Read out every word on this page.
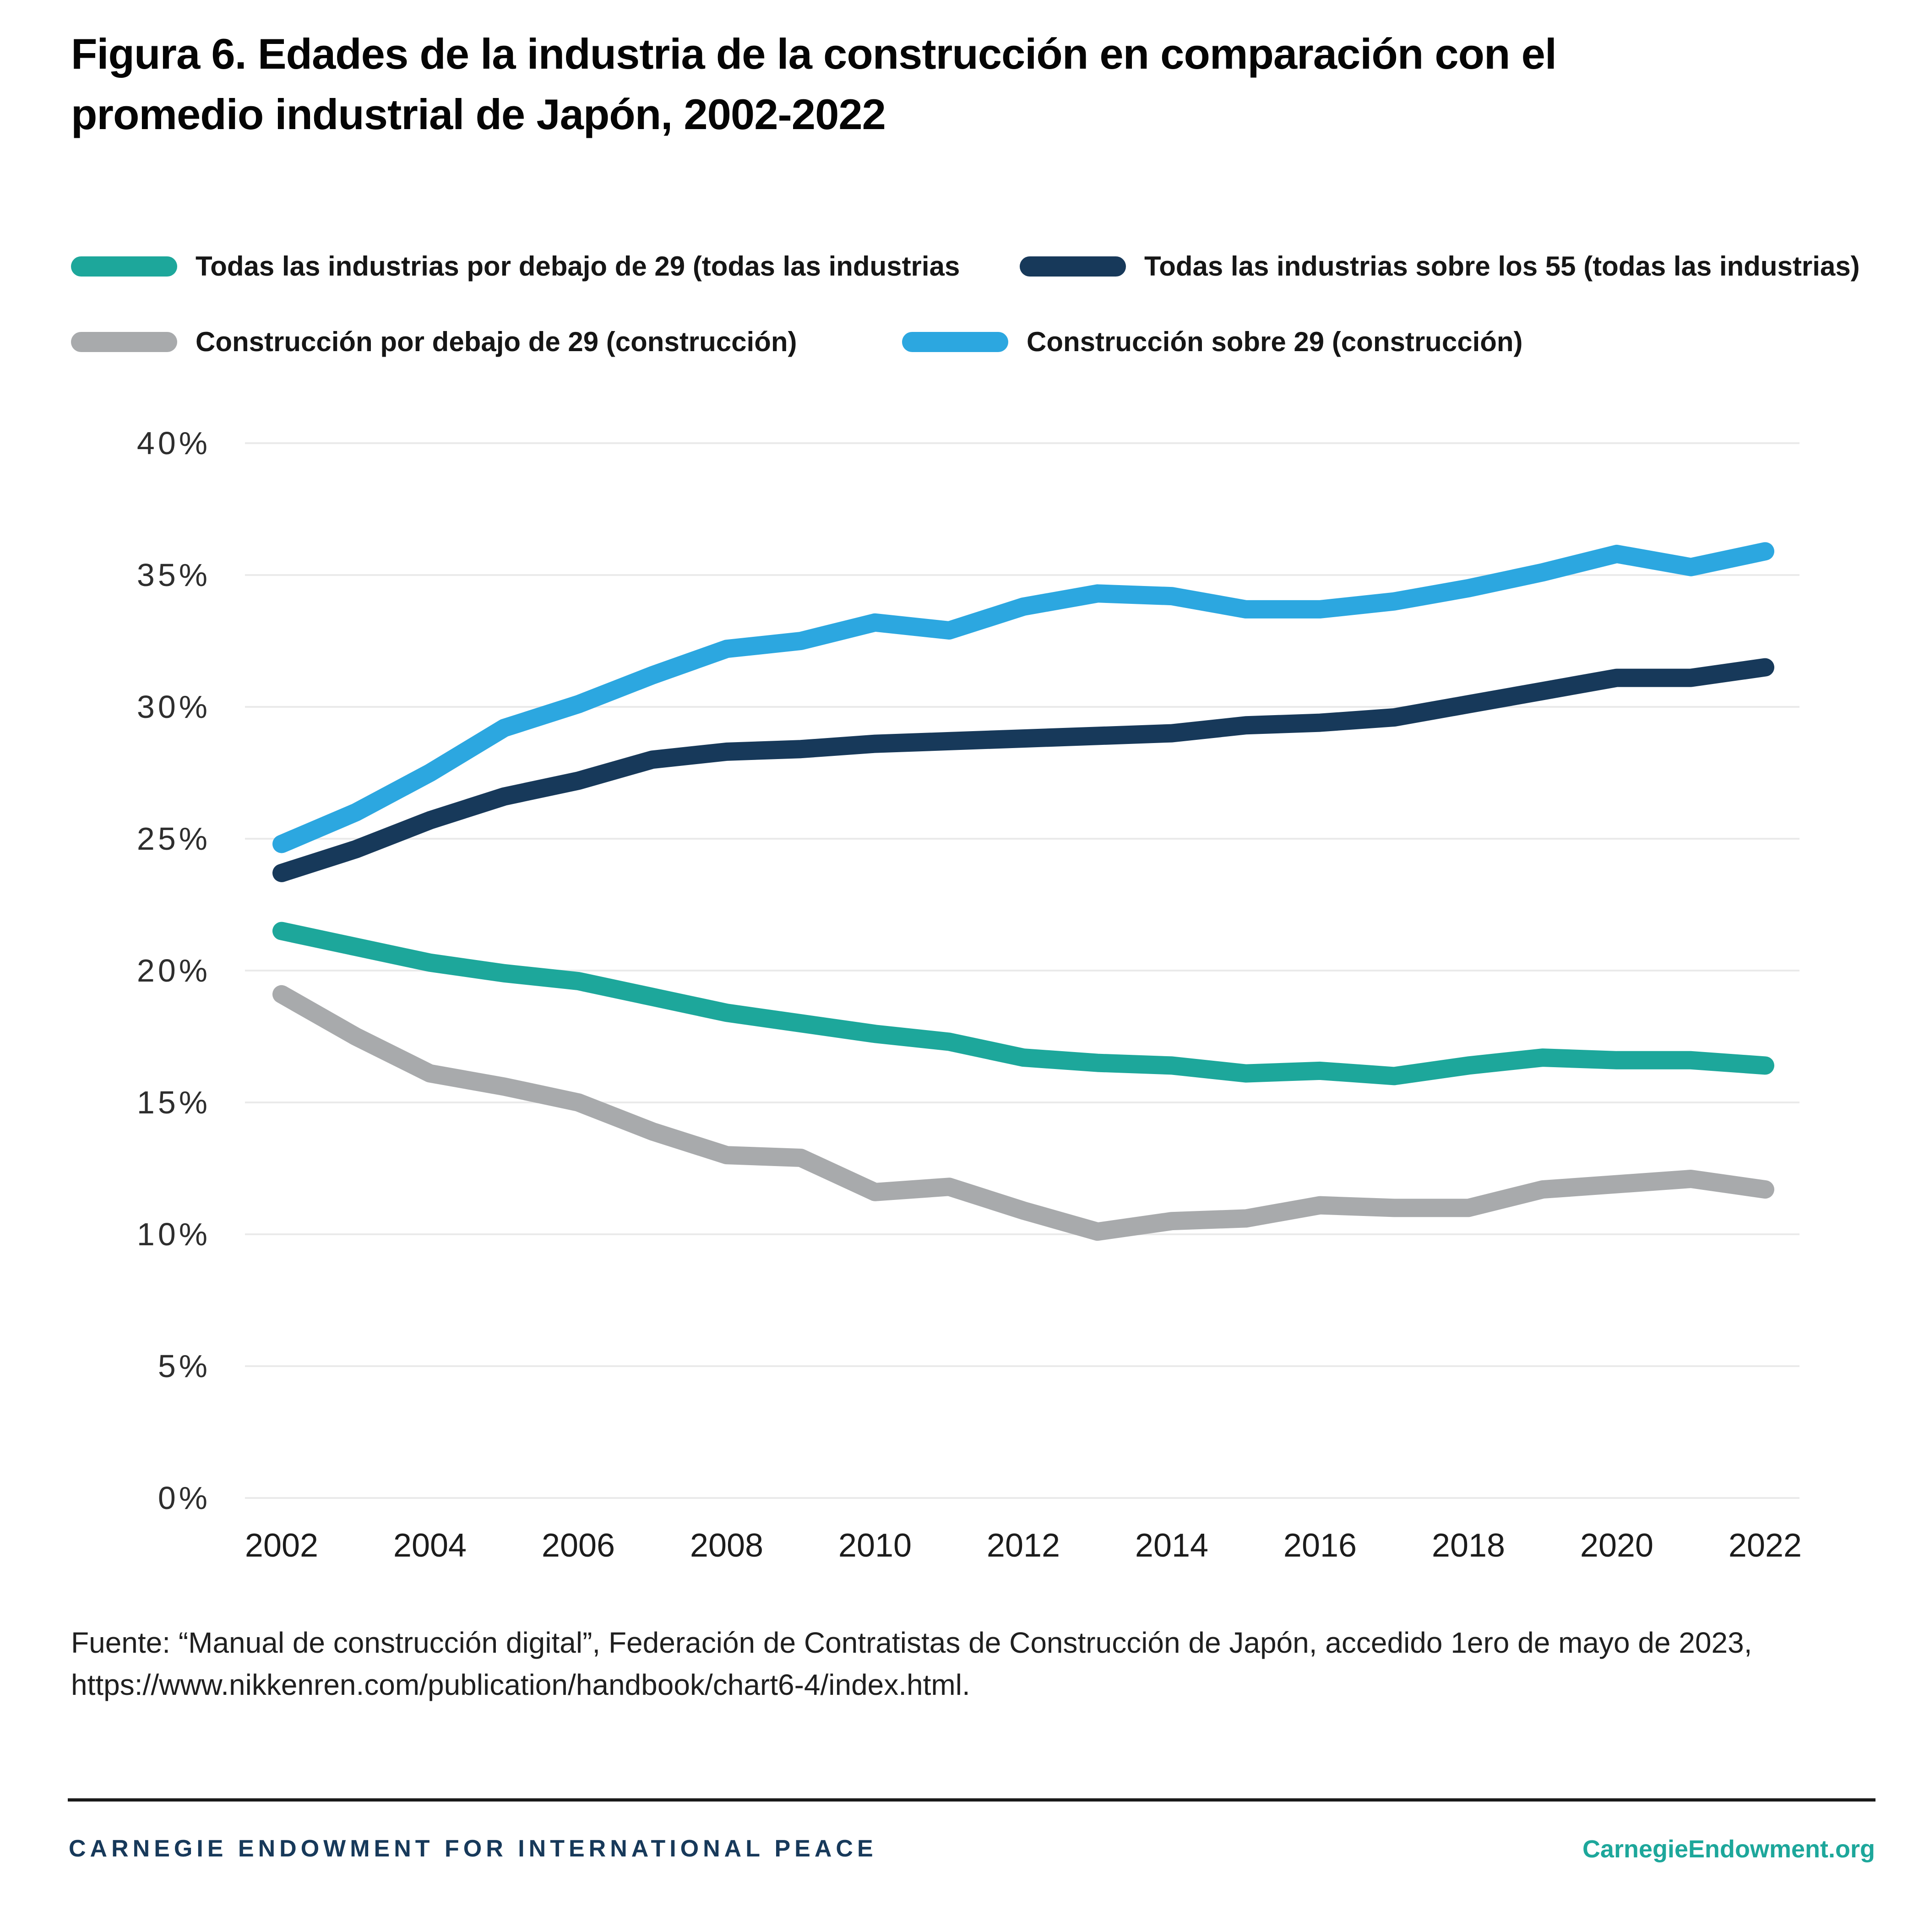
Figura 6. Edades de la industria de la construcción en comparación con el
promedio industrial de Japón, 2002-2022
Todas las industrias por debajo de 29 (todas las industrias	Todas las industrias sobre los 55 (todas las industrias)
Construcción por debajo de 29 (construcción)	Construcción sobre 29 (construcción)
0%
5%
10%
15%
20%
25%
30%
35%
40%
2002 2004 2006 2008 2010 2012 2014 2016 2018 2020 2022
Fuente: “Manual de construcción digital”, Federación de Contratistas de Construcción de Japón, accedido 1ero de mayo de 2023,
https://www.nikkenren.com/publication/handbook/chart6-4/index.html.
CARNEGIE ENDOWMENT FOR INTERNATIONAL PEACE	CarnegieEndowment.org
